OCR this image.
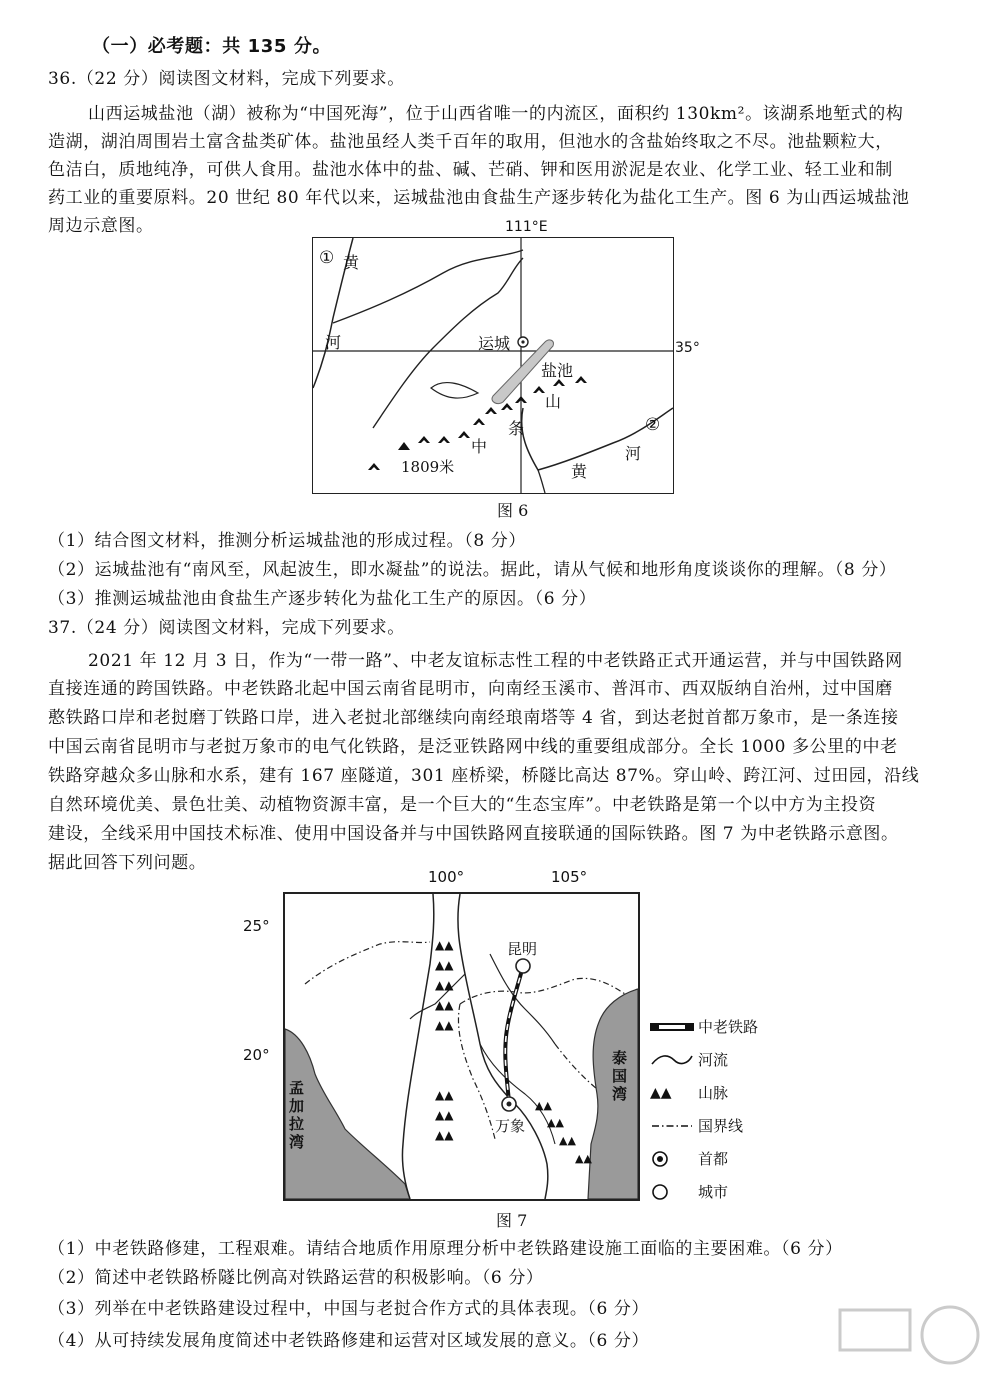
（一）必考题：共 135 分。
36.（22 分）阅读图文材料，完成下列要求。
山西运城盐池（湖）被称为“中国死海”，位于山西省唯一的内流区，面积约 130km²。该湖系地堑式的构
造湖，湖泊周围岩土富含盐类矿体。盐池虽经人类千百年的取用，但池水的含盐始终取之不尽。池盐颗粒大，
色洁白，质地纯净，可供人食用。盐池水体中的盐、碱、芒硝、钾和医用淤泥是农业、化学工业、轻工业和制
药工业的重要原料。20 世纪 80 年代以来，运城盐池由食盐生产逐步转化为盐化工生产。图 6 为山西运城盐池
周边示意图。	111°E
① 黄
河	运城
盐池
山
条
中
1809米	黄
河
②
35°
图 6
（1）结合图文材料，推测分析运城盐池的形成过程。（8 分）
（2）运城盐池有“南风至，风起波生，即水凝盐”的说法。据此，请从气候和地形角度谈谈你的理解。（8 分）
（3）推测运城盐池由食盐生产逐步转化为盐化工生产的原因。（6 分）
37.（24 分）阅读图文材料，完成下列要求。
2021 年 12 月 3 日，作为“一带一路”、中老友谊标志性工程的中老铁路正式开通运营，并与中国铁路网
直接连通的跨国铁路。中老铁路北起中国云南省昆明市，向南经玉溪市、普洱市、西双版纳自治州，过中国磨
憨铁路口岸和老挝磨丁铁路口岸，进入老挝北部继续向南经琅南塔等 4 省，到达老挝首都万象市，是一条连接
中国云南省昆明市与老挝万象市的电气化铁路，是泛亚铁路网中线的重要组成部分。全长 1000 多公里的中老
铁路穿越众多山脉和水系，建有 167 座隧道，301 座桥梁，桥隧比高达 87%。穿山岭、跨江河、过田园，沿线
自然环境优美、景色壮美、动植物资源丰富，是一个巨大的“生态宝库”。中老铁路是第一个以中方为主投资
建设，全线采用中国技术标准、使用中国设备并与中国铁路网直接联通的国际铁路。图 7 为中老铁路示意图。
据此回答下列问题。
100°	105°
25°
20°
▲▲
▲▲
▲▲
▲▲
▲▲
▲▲
▲▲
▲▲
▲▲
▲▲
▲▲
▲▲
昆明
万象
孟加拉湾
泰国湾
中老铁路
河流
▲▲	山脉
国界线
首都
城市
图 7
（1）中老铁路修建，工程艰难。请结合地质作用原理分析中老铁路建设施工面临的主要困难。（6 分）
（2）简述中老铁路桥隧比例高对铁路运营的积极影响。（6 分）
（3）列举在中老铁路建设过程中，中国与老挝合作方式的具体表现。（6 分）
（4）从可持续发展角度简述中老铁路修建和运营对区域发展的意义。（6 分）
